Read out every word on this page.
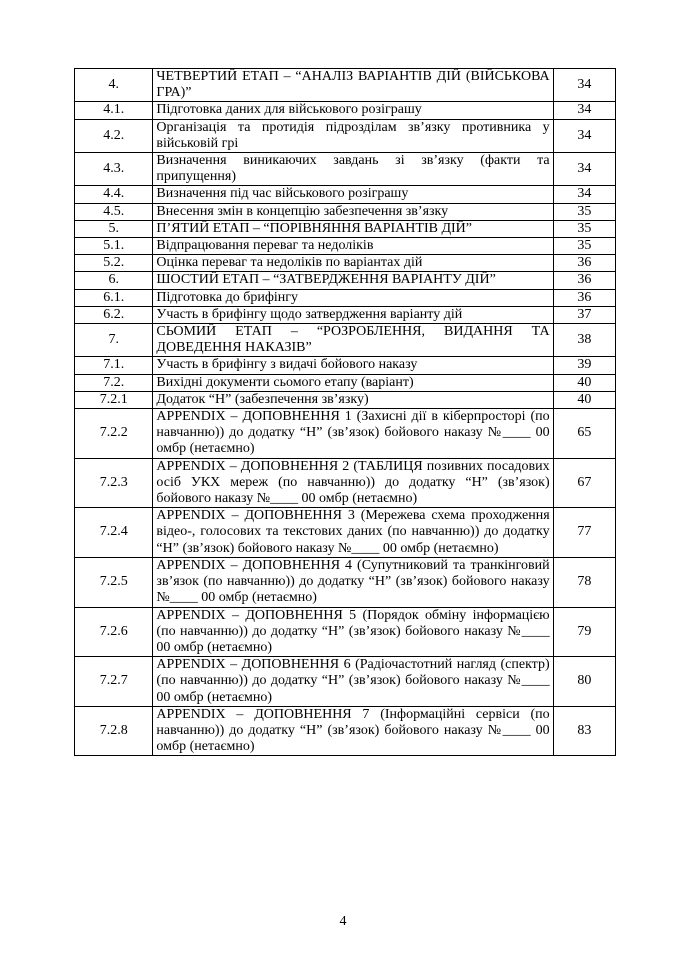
4.	ЧЕТВЕРТИЙ ЕТАП – “АНАЛІЗ ВАРІАНТІВ ДІЙ (ВІЙСЬКОВА ГРА)”	34
4.1.	Підготовка даних для військового розіграшу	34
4.2.	Організація та протидія підрозділам зв’язку противника у військовій грі	34
4.3.	Визначення виникаючих завдань зі зв’язку (факти та припущення)	34
4.4.	Визначення під час військового розіграшу	34
4.5.	Внесення змін в концепцію забезпечення зв’язку	35
5.	П’ЯТИЙ ЕТАП – “ПОРІВНЯННЯ ВАРІАНТІВ ДІЙ”	35
5.1.	Відпрацювання переваг та недоліків	35
5.2.	Оцінка переваг та недоліків по варіантах дій	36
6.	ШОСТИЙ ЕТАП – “ЗАТВЕРДЖЕННЯ ВАРІАНТУ ДІЙ”	36
6.1.	Підготовка до брифінгу	36
6.2.	Участь в брифінгу щодо затвердження варіанту дій	37
7.	СЬОМИЙ ЕТАП – “РОЗРОБЛЕННЯ, ВИДАННЯ ТА ДОВЕДЕННЯ НАКАЗІВ”	38
7.1.	Участь в брифінгу з видачі бойового наказу	39
7.2.	Вихідні документи сьомого етапу (варіант)	40
7.2.1	Додаток “Н” (забезпечення зв’язку)	40
7.2.2	APPENDIX – ДОПОВНЕННЯ 1 (Захисні дії в кіберпросторі (по навчанню)) до додатку “Н” (зв’язок) бойового наказу №____ 00 омбр (нетаємно)	65
7.2.3	APPENDIX – ДОПОВНЕННЯ 2 (ТАБЛИЦЯ позивних посадових осіб УКХ мереж (по навчанню)) до додатку “Н” (зв’язок) бойового наказу №____ 00 омбр (нетаємно)	67
7.2.4	APPENDIX – ДОПОВНЕННЯ 3 (Мережева схема проходження відео-, голосових та текстових даних (по навчанню)) до додатку “Н” (зв’язок) бойового наказу №____ 00 омбр (нетаємно)	77
7.2.5	APPENDIX – ДОПОВНЕННЯ 4 (Супутниковий та транкінговий зв’язок (по навчанню)) до додатку “Н” (зв’язок) бойового наказу №____ 00 омбр (нетаємно)	78
7.2.6	APPENDIX – ДОПОВНЕННЯ 5 (Порядок обміну інформацією (по навчанню)) до додатку “Н” (зв’язок) бойового наказу №____ 00 омбр (нетаємно)	79
7.2.7	APPENDIX – ДОПОВНЕННЯ 6 (Радіочастотний нагляд (спектр) (по навчанню)) до додатку “Н” (зв’язок) бойового наказу №____ 00 омбр (нетаємно)	80
7.2.8	APPENDIX – ДОПОВНЕННЯ 7 (Інформаційні сервіси (по навчанню)) до додатку “Н” (зв’язок) бойового наказу №____ 00 омбр (нетаємно)	83
4
